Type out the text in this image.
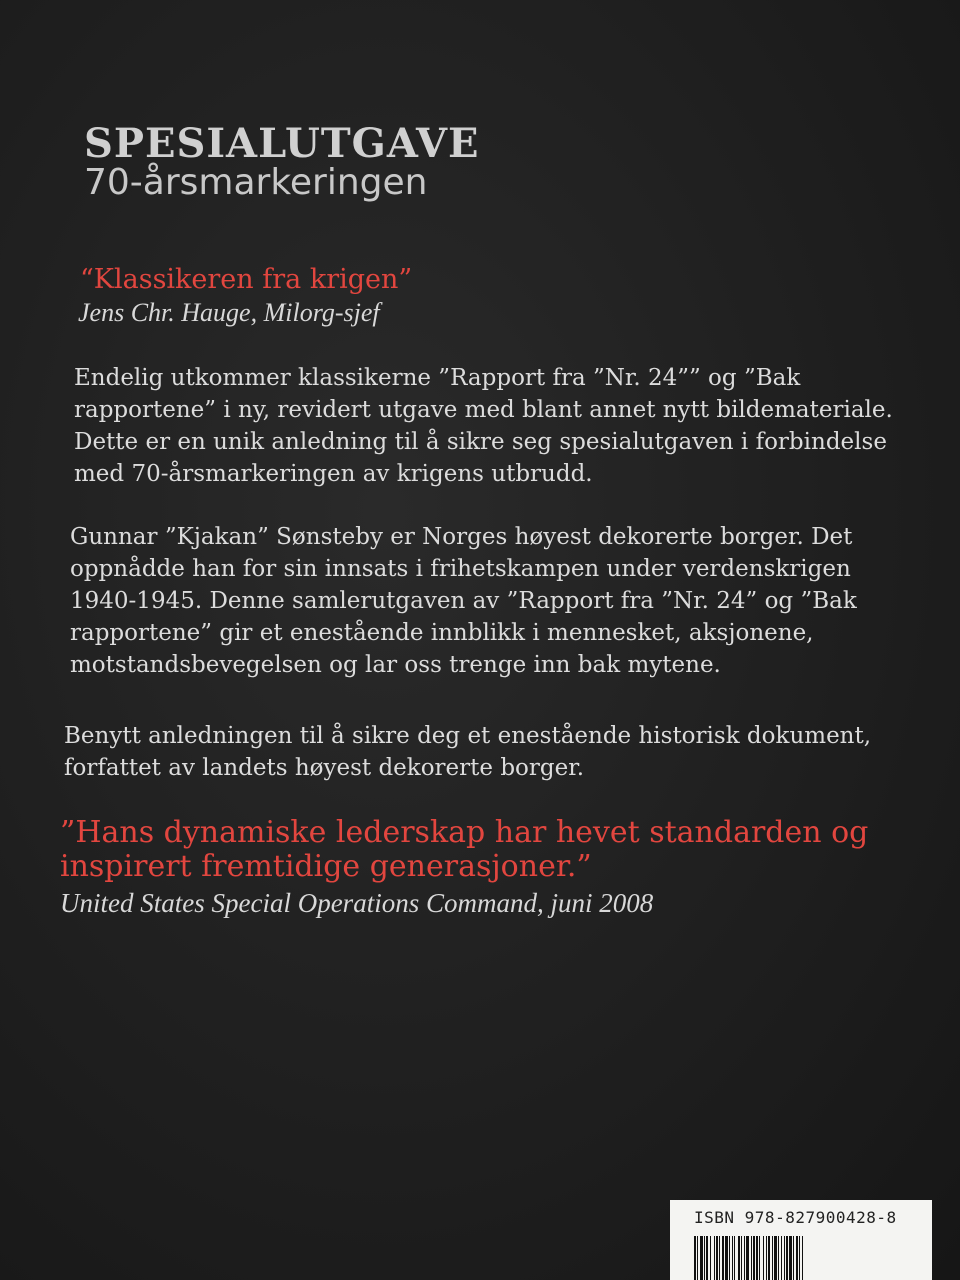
SPESIALUTGAVE
70-årsmarkeringen
“Klassikeren fra krigen”
Jens Chr. Hauge, Milorg-sjef
Endelig utkommer klassikerne ”Rapport fra ”Nr. 24”” og ”Bak
rapportene” i ny, revidert utgave med blant annet nytt bildemateriale.
Dette er en unik anledning til å sikre seg spesialutgaven i forbindelse
med 70-årsmarkeringen av krigens utbrudd.
Gunnar ”Kjakan” Sønsteby er Norges høyest dekorerte borger. Det
oppnådde han for sin innsats i frihetskampen under verdenskrigen
1940-1945. Denne samlerutgaven av ”Rapport fra ”Nr. 24” og ”Bak
rapportene” gir et enestående innblikk i mennesket, aksjonene,
motstandsbevegelsen og lar oss trenge inn bak mytene.
Benytt anledningen til å sikre deg et enestående historisk dokument,
forfattet av landets høyest dekorerte borger.
”Hans dynamiske lederskap har hevet standarden og
inspirert fremtidige generasjoner.”
United States Special Operations Command, juni 2008
ISBN 978-827900428-8
